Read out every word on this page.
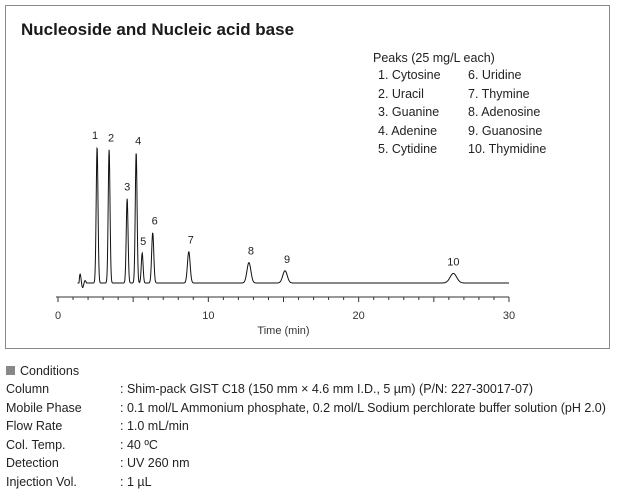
Nucleoside and Nucleic acid base
Peaks (25 mg/L each)
1. Cytosine
2. Uracil
3. Guanine
4. Adenine
5. Cytidine
6. Uridine
7. Thymine
8. Adenosine
9. Guanosine
10. Thymidine
0	10	20	30
Time (min)
1 2
3
4
5
6
7
8
9	10
Conditions
Column	: Shim-pack GIST C18 (150 mm × 4.6 mm I.D., 5 µm) (P/N: 227-30017-07)
Mobile Phase	: 0.1 mol/L Ammonium phosphate, 0.2 mol/L Sodium perchlorate buffer solution (pH 2.0)
Flow Rate	: 1.0 mL/min
Col. Temp.	: 40 ºC
Detection	: UV 260 nm
Injection Vol.	: 1 µL
